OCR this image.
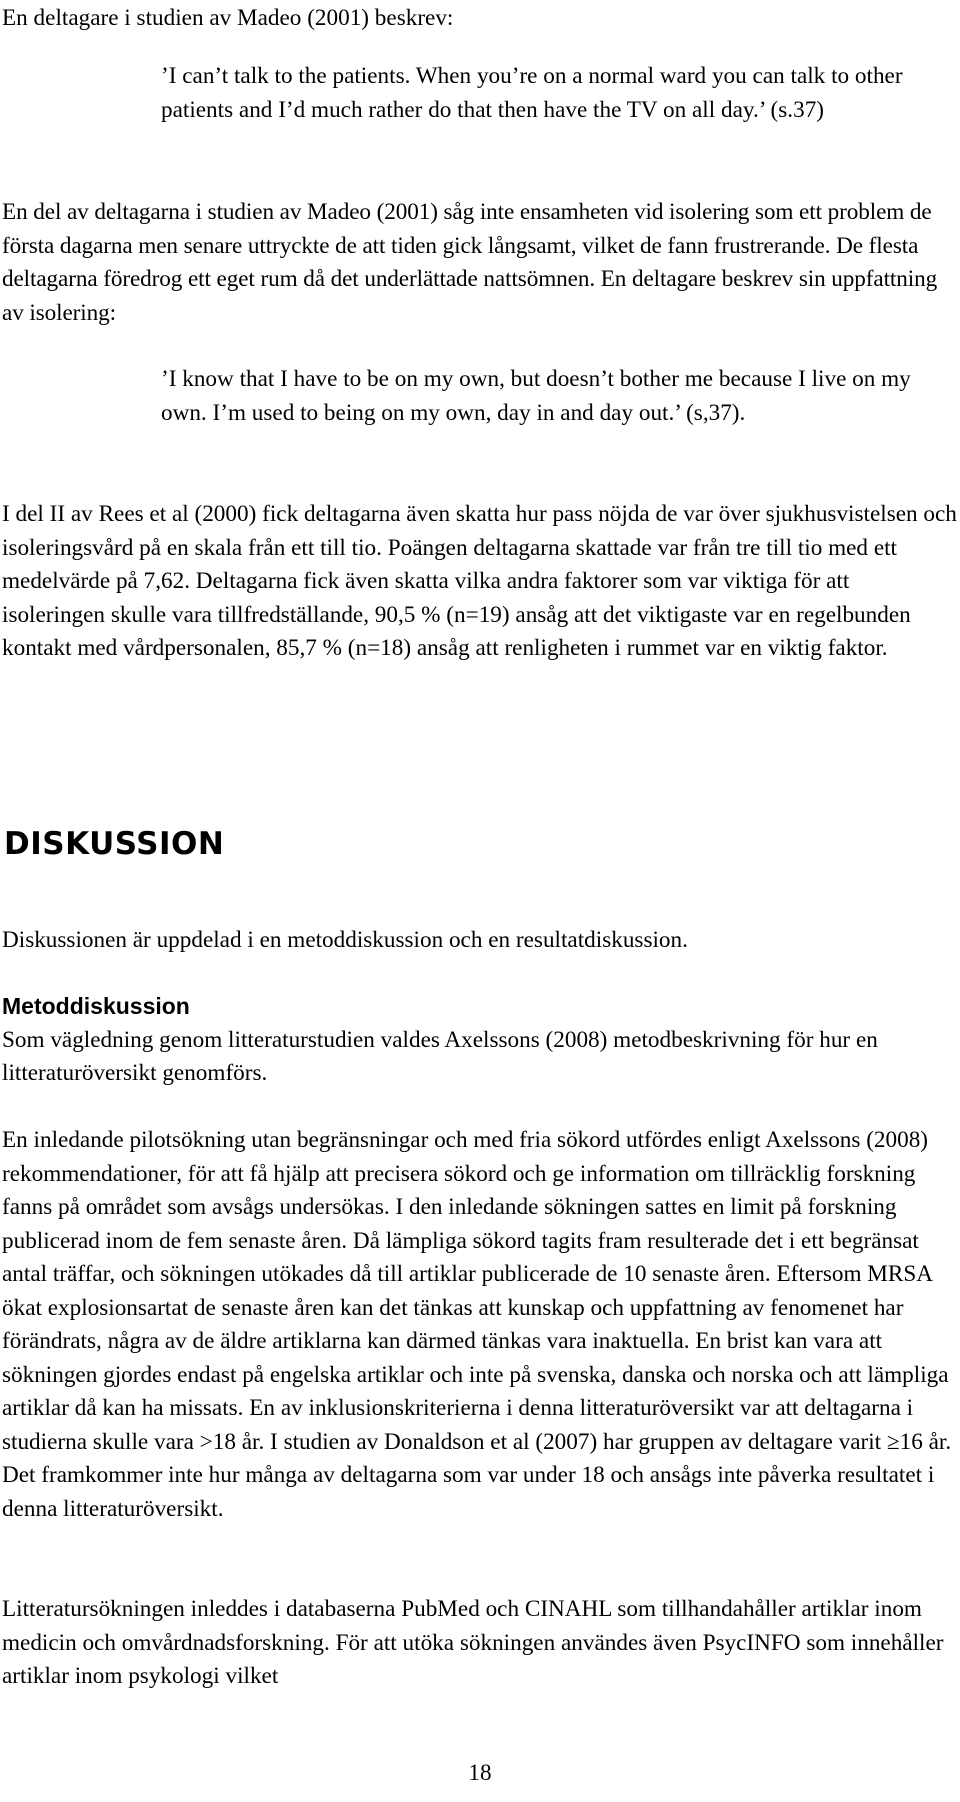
En deltagare i studien av Madeo (2001) beskrev:

’I can’t talk to the patients. When you’re on a normal ward you can talk to other patients and I’d much rather do that then have the TV on all day.’ (s.37)

En del av deltagarna i studien av Madeo (2001) såg inte ensamheten vid isolering som ett problem de första dagarna men senare uttryckte de att tiden gick långsamt, vilket de fann frustrerande. De flesta deltagarna föredrog ett eget rum då det underlättade nattsömnen. En deltagare beskrev sin uppfattning av isolering:

’I know that I have to be on my own, but doesn’t bother me because I live on my own. I’m used to being on my own, day in and day out.’ (s,37).

I del II av Rees et al (2000) fick deltagarna även skatta hur pass nöjda de var över sjukhusvistelsen och isoleringsvård på en skala från ett till tio. Poängen deltagarna skattade var från tre till tio med ett medelvärde på 7,62. Deltagarna fick även skatta vilka andra faktorer som var viktiga för att isoleringen skulle vara tillfredställande, 90,5 % (n=19) ansåg att det viktigaste var en regelbunden kontakt med vårdpersonalen, 85,7 % (n=18) ansåg att renligheten i rummet var en viktig faktor.

DISKUSSION

Diskussionen är uppdelad i en metoddiskussion och en resultatdiskussion.

Metoddiskussion
Som vägledning genom litteraturstudien valdes Axelssons (2008) metodbeskrivning för hur en litteraturöversikt genomförs.

En inledande pilotsökning utan begränsningar och med fria sökord utfördes enligt Axelssons (2008) rekommendationer, för att få hjälp att precisera sökord och ge information om tillräcklig forskning fanns på området som avsågs undersökas. I den inledande sökningen sattes en limit på forskning publicerad inom de fem senaste åren. Då lämpliga sökord tagits fram resulterade det i ett begränsat antal träffar, och sökningen utökades då till artiklar publicerade de 10 senaste åren. Eftersom MRSA ökat explosionsartat de senaste åren kan det tänkas att kunskap och uppfattning av fenomenet har förändrats, några av de äldre artiklarna kan därmed tänkas vara inaktuella. En brist kan vara att sökningen gjordes endast på engelska artiklar och inte på svenska, danska och norska och att lämpliga artiklar då kan ha missats. En av inklusionskriterierna i denna litteraturöversikt var att deltagarna i studierna skulle vara >18 år. I studien av Donaldson et al (2007) har gruppen av deltagare varit ≥16 år. Det framkommer inte hur många av deltagarna som var under 18 och ansågs inte påverka resultatet i denna litteraturöversikt.

Litteratursökningen inleddes i databaserna PubMed och CINAHL som tillhandahåller artiklar inom medicin och omvårdnadsforskning. För att utöka sökningen användes även PsycINFO som innehåller artiklar inom psykologi vilket

18
